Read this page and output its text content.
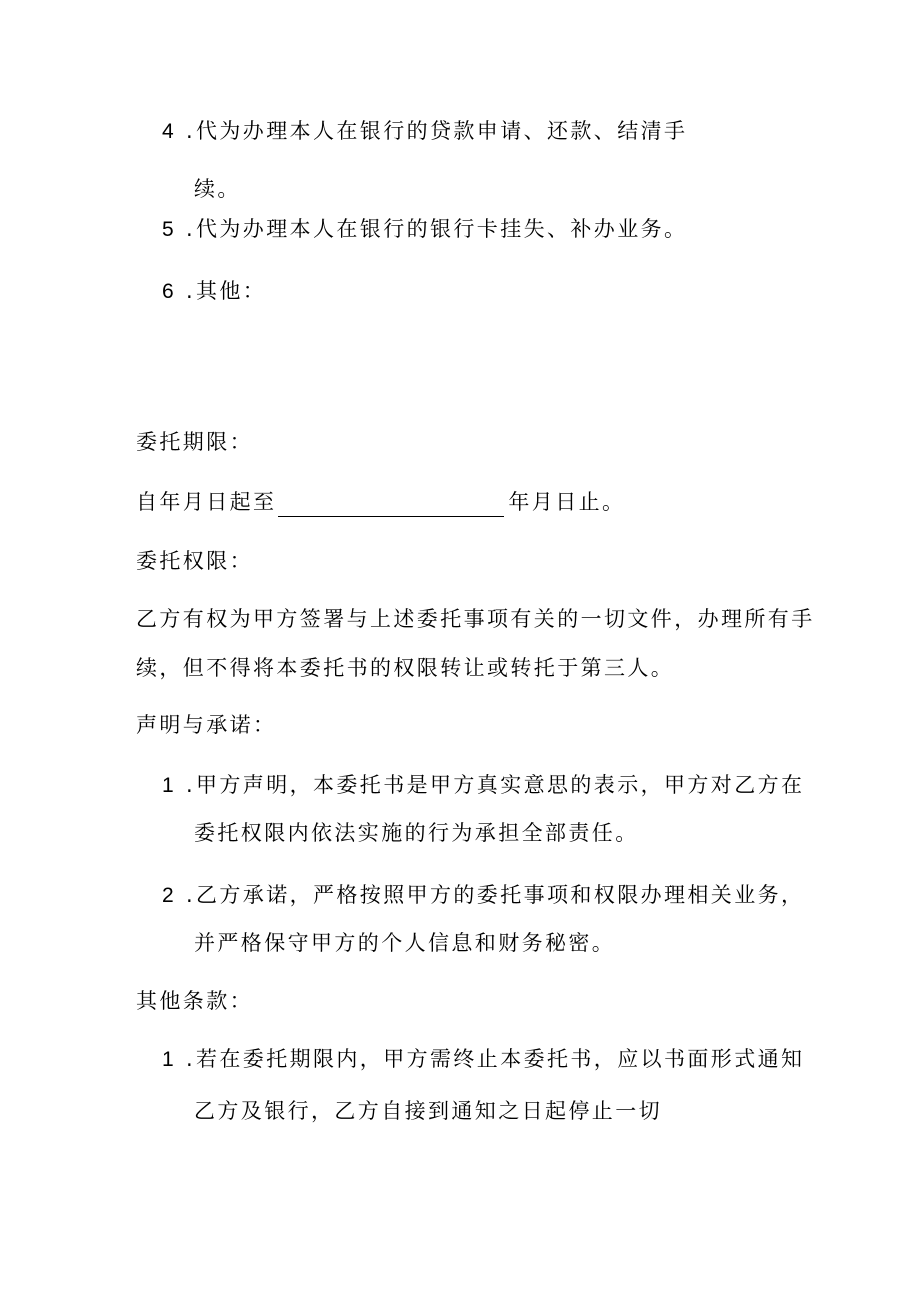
4 .代为办理本人在银行的贷款申请、还款、结清手
续。
5 .代为办理本人在银行的银行卡挂失、补办业务。
6 .其他：
委托期限：
自年月日起至	年月日止。
委托权限：
乙方有权为甲方签署与上述委托事项有关的一切文件，办理所有手
续，但不得将本委托书的权限转让或转托于第三人。
声明与承诺：
1 .甲方声明，本委托书是甲方真实意思的表示，甲方对乙方在
委托权限内依法实施的行为承担全部责任。
2 .乙方承诺，严格按照甲方的委托事项和权限办理相关业务，
并严格保守甲方的个人信息和财务秘密。
其他条款：
1 .若在委托期限内，甲方需终止本委托书，应以书面形式通知
乙方及银行，乙方自接到通知之日起停止一切
